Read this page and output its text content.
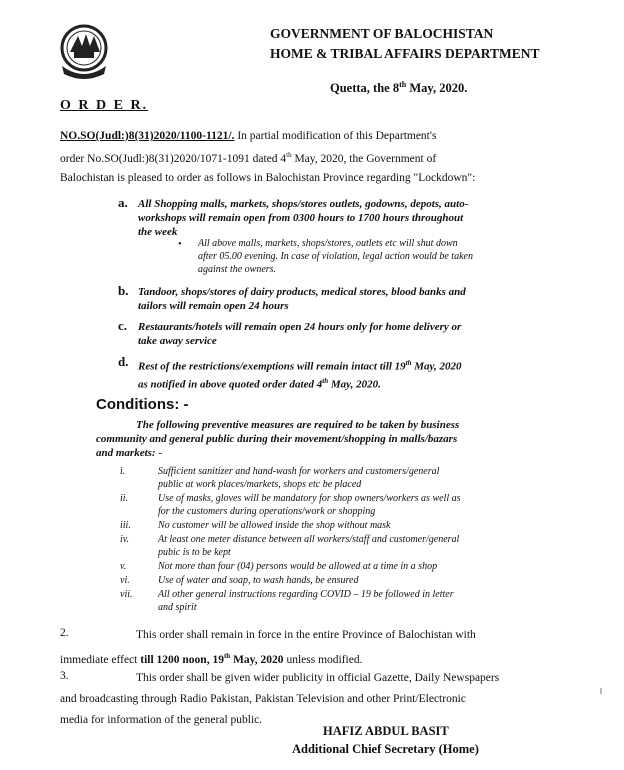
GOVERNMENT OF BALOCHISTAN
HOME & TRIBAL AFFAIRS DEPARTMENT
Quetta, the 8th May, 2020.
O R D E R.
NO.SO(Judl:)8(31)2020/1100-1121/. In partial modification of this Department's
order No.SO(Judl:)8(31)2020/1071-1091 dated 4th May, 2020, the Government of
Balochistan is pleased to order as follows in Balochistan Province regarding "Lockdown":
a. All Shopping malls, markets, shops/stores outlets, godowns, depots, auto-
workshops will remain open from 0300 hours to 1700 hours throughout
the week
• All above malls, markets, shops/stores, outlets etc will shut down
after 05.00 evening. In case of violation, legal action would be taken
against the owners.
b. Tandoor, shops/stores of dairy products, medical stores, blood banks and
tailors will remain open 24 hours
c. Restaurants/hotels will remain open 24 hours only for home delivery or
take away service
d. Rest of the restrictions/exemptions will remain intact till 19th May, 2020
as notified in above quoted order dated 4th May, 2020.
Conditions: -
The following preventive measures are required to be taken by business
community and general public during their movement/shopping in malls/bazars
and markets: -
i.	Sufficient sanitizer and hand-wash for workers and customers/general
public at work places/markets, shops etc be placed
ii.	Use of masks, gloves will be mandatory for shop owners/workers as well as
for the customers during operations/work or shopping
iii.	No customer will be allowed inside the shop without mask
iv.	At least one meter distance between all workers/staff and customer/general
pubic is to be kept
v.	Not more than four (04) persons would be allowed at a time in a shop
vi.	Use of water and soap, to wash hands, be ensured
vii.	All other general instructions regarding COVID – 19 be followed in letter
and spirit
2.	This order shall remain in force in the entire Province of Balochistan with
immediate effect till 1200 noon, 19th May, 2020 unless modified.
3.	This order shall be given wider publicity in official Gazette, Daily Newspapers
and broadcasting through Radio Pakistan, Pakistan Television and other Print/Electronic
media for information of the general public.
HAFIZ ABDUL BASIT
Additional Chief Secretary (Home)
